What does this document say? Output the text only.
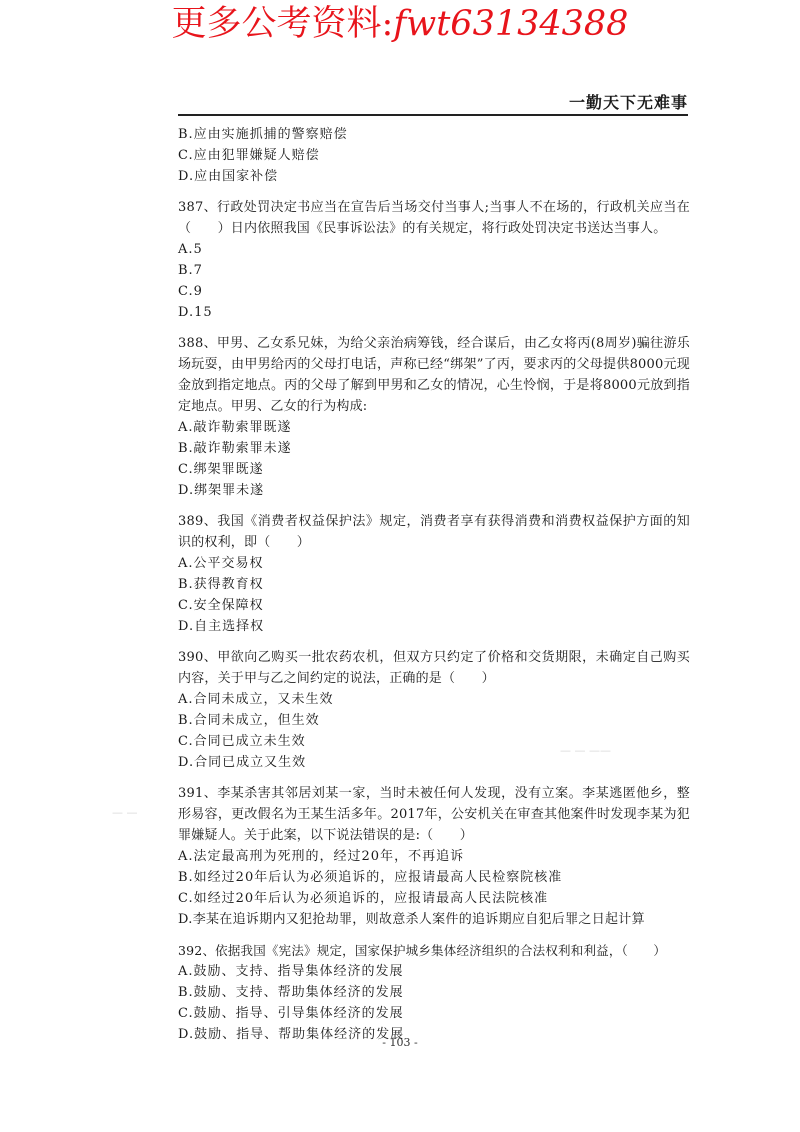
更多公考资料:fwt63134388
一勤天下无难事
— — ——
— —

B.应由实施抓捕的警察赔偿

C.应由犯罪嫌疑人赔偿

D.应由国家补偿

387、行政处罚决定书应当在宣告后当场交付当事人;当事人不在场的，行政机关应当在（　　）日内依照我国《民事诉讼法》的有关规定，将行政处罚决定书送达当事人。

A.5

B.7

C.9

D.15

388、甲男、乙女系兄妹，为给父亲治病筹钱，经合谋后，由乙女将丙(8周岁)骗往游乐场玩耍，由甲男给丙的父母打电话，声称已经“绑架”了丙，要求丙的父母提供8000元现金放到指定地点。丙的父母了解到甲男和乙女的情况，心生怜悯，于是将8000元放到指定地点。甲男、乙女的行为构成:

A.敲诈勒索罪既遂

B.敲诈勒索罪未遂

C.绑架罪既遂

D.绑架罪未遂

389、我国《消费者权益保护法》规定，消费者享有获得消费和消费权益保护方面的知识的权利，即（　　）

A.公平交易权

B.获得教育权

C.安全保障权

D.自主选择权

390、甲欲向乙购买一批农药农机，但双方只约定了价格和交货期限，未确定自己购买内容，关于甲与乙之间约定的说法，正确的是（　　）

A.合同未成立，又未生效

B.合同未成立，但生效

C.合同已成立未生效

D.合同已成立又生效

391、李某杀害其邻居刘某一家，当时未被任何人发现，没有立案。李某逃匿他乡，整形易容，更改假名为王某生活多年。2017年，公安机关在审查其他案件时发现李某为犯罪嫌疑人。关于此案，以下说法错误的是:（　　）

A.法定最高刑为死刑的，经过20年，不再追诉

B.如经过20年后认为必须追诉的，应报请最高人民检察院核准

C.如经过20年后认为必须追诉的，应报请最高人民法院核准

D.李某在追诉期内又犯抢劫罪，则故意杀人案件的追诉期应自犯后罪之日起计算

392、依据我国《宪法》规定，国家保护城乡集体经济组织的合法权利和利益，（　　）

A.鼓励、支持、指导集体经济的发展

B.鼓励、支持、帮助集体经济的发展

C.鼓励、指导、引导集体经济的发展

D.鼓励、指导、帮助集体经济的发展

- 103 -
